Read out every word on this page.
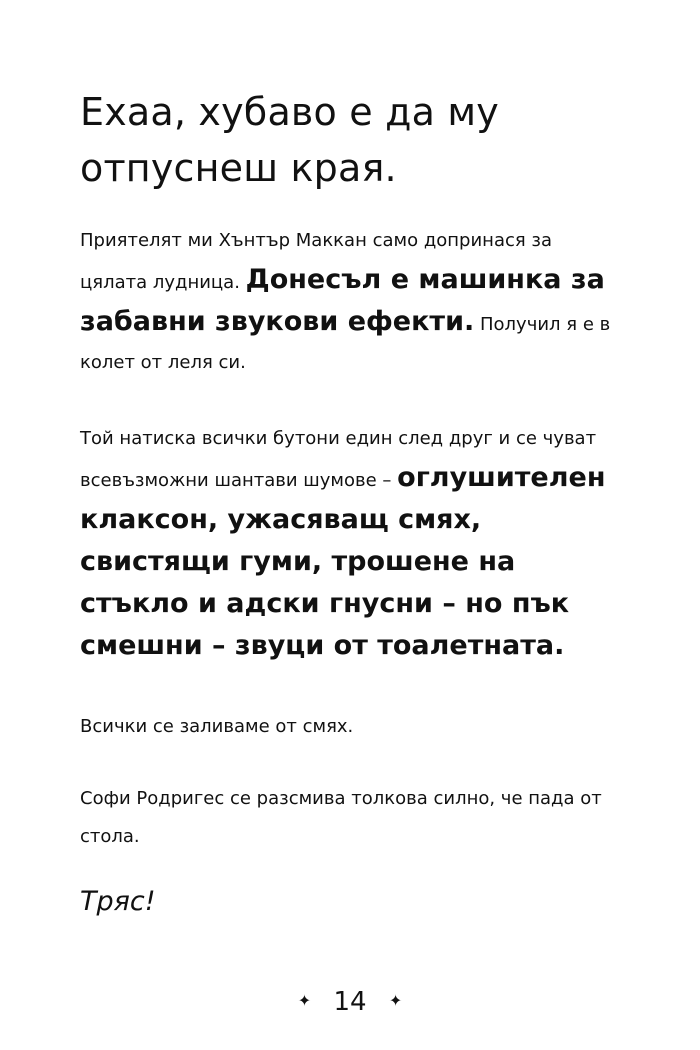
Ехаа, хубаво е да му отпуснеш края.

Приятелят ми Хънтър Маккан само допринася за цялата лудница. Донесъл е машинка за забавни звукови ефекти. Получил я е в колет от леля си.

Той натиска всички бутони един след друг и се чуват всевъзможни шантави шумове – оглушителен клаксон, ужасяващ смях, свистящи гуми, трошене на стъкло и адски гнусни – но пък смешни – звуци от тоалетната.

Всички се заливаме от смях.

Софи Родригес се разсмива толкова силно, че пада от стола.

Тряс!

✦ 14 ✦
